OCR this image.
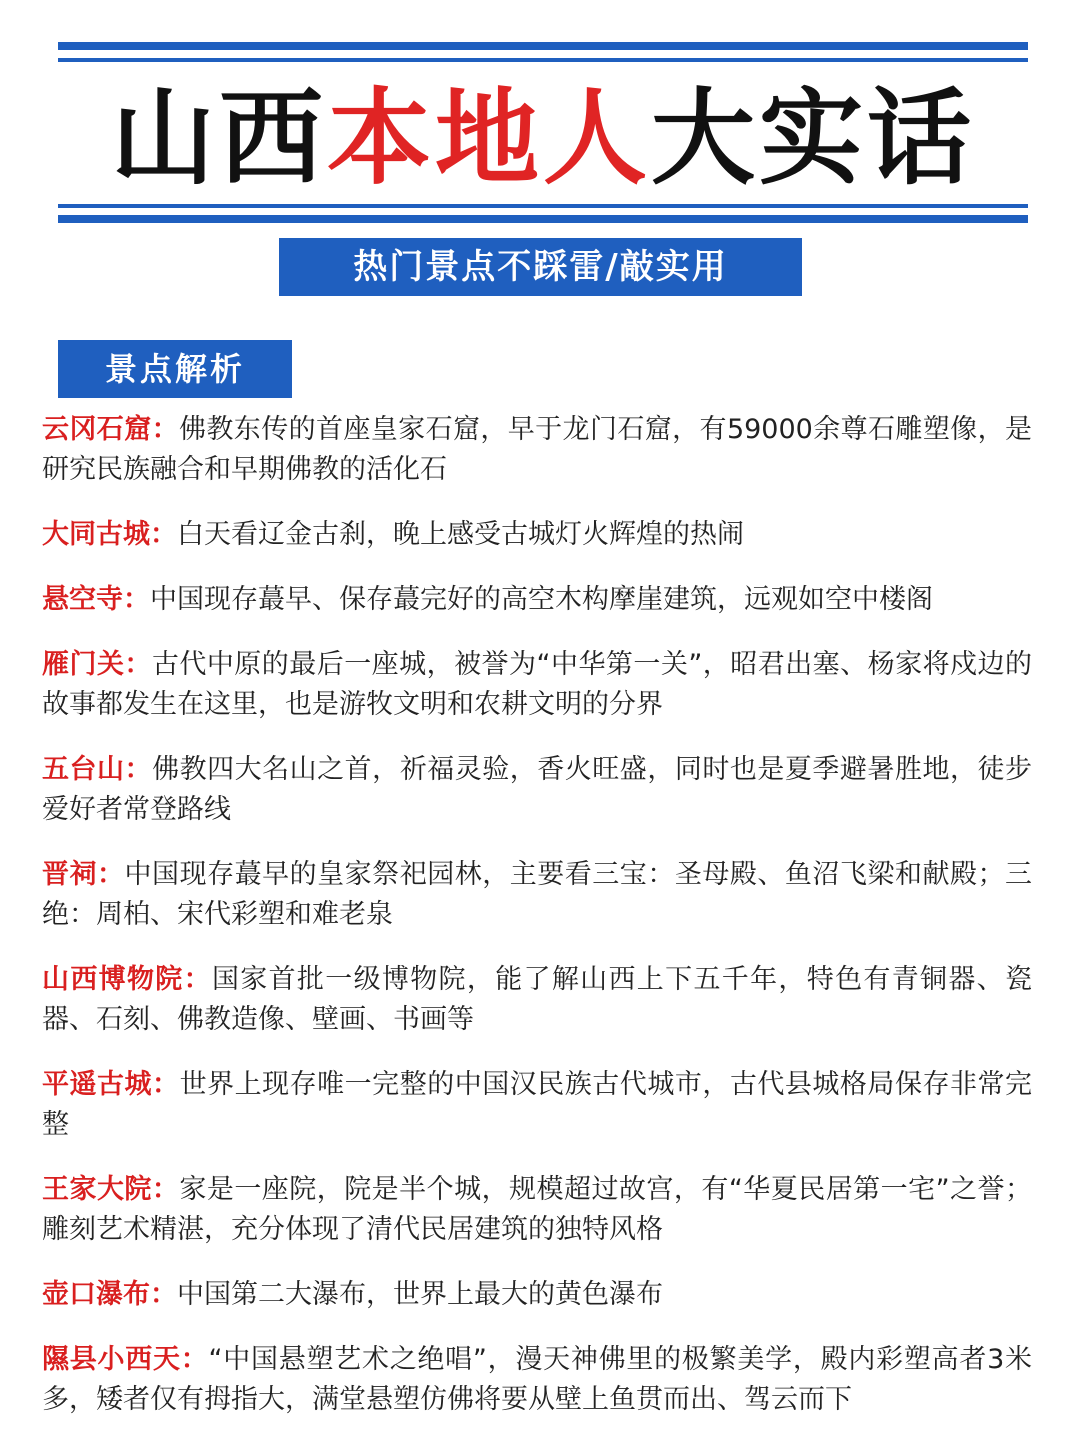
山西本地人大实话
热门景点不踩雷/敲实用
景点解析

云冈石窟：佛教东传的首座皇家石窟，早于龙门石窟，有59000余尊石雕塑像，是研究民族融合和早期佛教的活化石

大同古城：白天看辽金古刹，晚上感受古城灯火辉煌的热闹

悬空寺：中国现存蕞早、保存蕞完好的高空木构摩崖建筑，远观如空中楼阁

雁门关：古代中原的最后一座城，被誉为“中华第一关”，昭君出塞、杨家将戍边的故事都发生在这里，也是游牧文明和农耕文明的分界

五台山：佛教四大名山之首，祈福灵验，香火旺盛，同时也是夏季避暑胜地，徒步爱好者常登路线

晋祠：中国现存蕞早的皇家祭祀园林，主要看三宝：圣母殿、鱼沼飞梁和献殿；三绝：周柏、宋代彩塑和难老泉

山西博物院：国家首批一级博物院，能了解山西上下五千年，特色有青铜器、瓷器、石刻、佛教造像、壁画、书画等

平遥古城：世界上现存唯一完整的中国汉民族古代城市，古代县城格局保存非常完整

王家大院：家是一座院，院是半个城，规模超过故宫，有“华夏民居第一宅”之誉；雕刻艺术精湛，充分体现了清代民居建筑的独特风格

壶口瀑布：中国第二大瀑布，世界上最大的黄色瀑布

隰县小西天：“中国悬塑艺术之绝唱”，漫天神佛里的极繁美学，殿内彩塑高者3米多，矮者仅有拇指大，满堂悬塑仿佛将要从壁上鱼贯而出、驾云而下
